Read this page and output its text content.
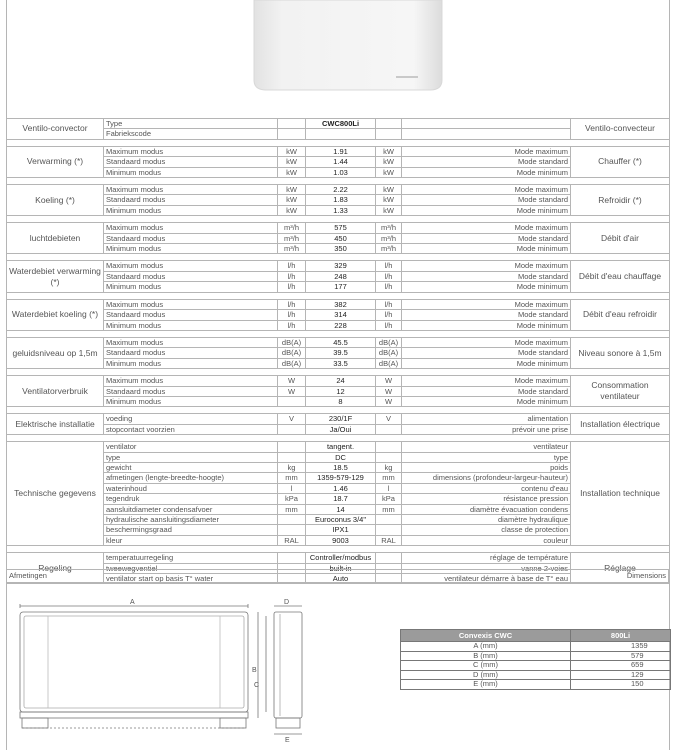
Ventilo-convector	Type		CWC800Li			Ventilo-convecteur
	Fabriekscode					

Verwarming (*)	Maximum modus	kW	1.91	kW	Mode maximum	Chauffer (*)
	Standaard modus	kW	1.44	kW	Mode standard	
	Minimum modus	kW	1.03	kW	Mode minimum	

Koeling (*)	Maximum modus	kW	2.22	kW	Mode maximum	Refroidir (*)
	Standaard modus	kW	1.83	kW	Mode standard	
	Minimum modus	kW	1.33	kW	Mode minimum	

luchtdebieten	Maximum modus	m³/h	575	m³/h	Mode maximum	Débit d'air
	Standaard modus	m³/h	450	m³/h	Mode standard	
	Minimum modus	m³/h	350	m³/h	Mode minimum	

Waterdebiet verwarming (*)	Maximum modus	l/h	329	l/h	Mode maximum	Débit d'eau chauffage
	Standaard modus	l/h	248	l/h	Mode standard	
	Minimum modus	l/h	177	l/h	Mode minimum	

Waterdebiet koeling (*)	Maximum modus	l/h	382	l/h	Mode maximum	Débit d'eau refroidir
	Standaard modus	l/h	314	l/h	Mode standard	
	Minimum modus	l/h	228	l/h	Mode minimum	

geluidsniveau op 1,5m	Maximum modus	dB(A)	45.5	dB(A)	Mode maximum	Niveau sonore à 1,5m
	Standaard modus	dB(A)	39.5	dB(A)	Mode standard	
	Minimum modus	dB(A)	33.5	dB(A)	Mode minimum	

Ventilatorverbruik	Maximum modus	W	24	W	Mode maximum	Consommation ventilateur
	Standaard modus	W	12	W	Mode standard	
	Minimum modus		8	W	Mode minimum	

Elektrische installatie	voeding	V	230/1F	V	alimentation	Installation électrique
	stopcontact voorzien		Ja/Oui		prévoir une prise	

Technische gegevens	ventilator		tangent.		ventilateur	Installation technique
	type		DC		type	
	gewicht	kg	18.5	kg	poids	
	afmetingen (lengte-breedte-hoogte)	mm	1359-579-129	mm	dimensions (profondeur-largeur-hauteur)	
	waterinhoud	l	1.46	l	contenu d'eau	
	tegendruk	kPa	18.7	kPa	résistance pression	
	aansluitdiameter condensafvoer	mm	14	mm	diamètre évacuation condens	
	hydraulische aansluitingsdiameter		Euroconus 3/4"		diamètre hydraulique	
	beschermingsgraad		IPX1		classe de protection	
	kleur	RAL	9003	RAL	couleur	

Regeling	temperatuurregeling		Controller/modbus		réglage de température	Réglage
	tweewegventiel		built-in		vanne 2-voies	
	ventilator start op basis T° water		Auto		ventilateur démarre à base de T° eau	
Afmetingen	Dimensions
A
C
B
D
E
Convexis CWC	800Li
A (mm)	1359
B (mm)	579
C (mm)	659
D (mm)	129
E (mm)	150
